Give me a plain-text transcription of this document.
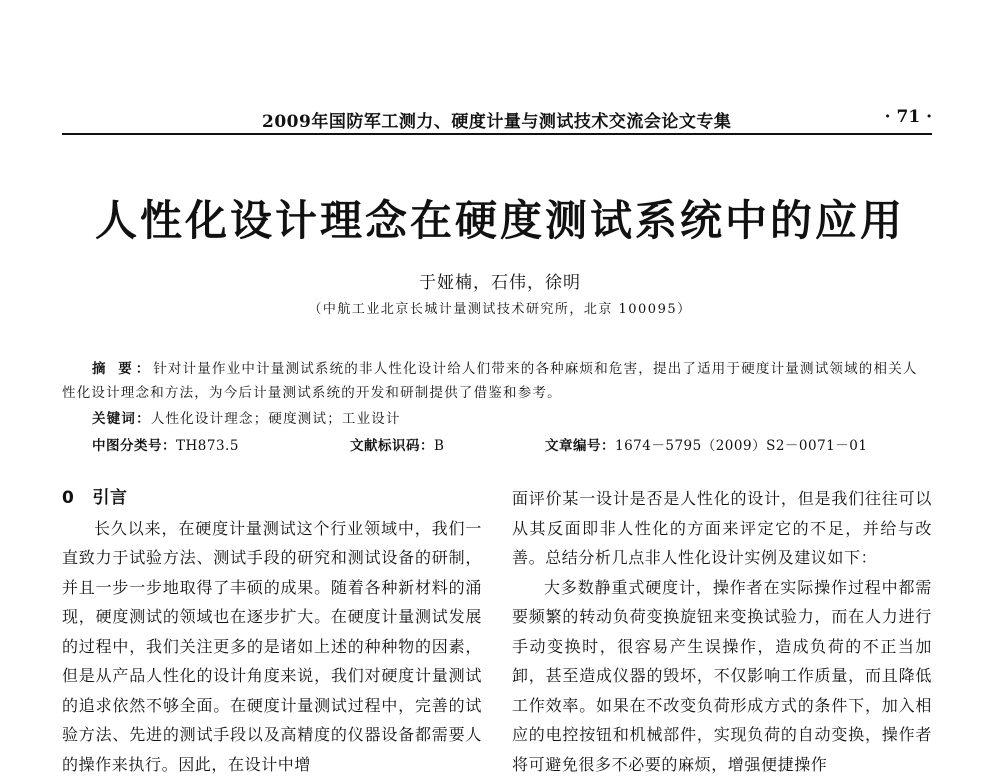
2009年国防军工测力、硬度计量与测试技术交流会论文专集	· 71 ·
人性化设计理念在硬度测试系统中的应用
于娅楠，石伟，徐明
（中航工业北京长城计量测试技术研究所，北京 100095）
摘 要：针对计量作业中计量测试系统的非人性化设计给人们带来的各种麻烦和危害，提出了适用于硬度计量测试领域的相关人性化设计理念和方法，为今后计量测试系统的开发和研制提供了借鉴和参考。
关键词：人性化设计理念；硬度测试；工业设计
中图分类号：TH873.5	文献标识码：B	文章编号：1674－5795（2009）S2－0071－01
0 引言

长久以来，在硬度计量测试这个行业领域中，我们一直致力于试验方法、测试手段的研究和测试设备的研制，并且一步一步地取得了丰硕的成果。随着各种新材料的涌现，硬度测试的领域也在逐步扩大。在硬度计量测试发展的过程中，我们关注更多的是诸如上述的种种物的因素，但是从产品人性化的设计角度来说，我们对硬度计量测试的追求依然不够全面。在硬度计量测试过程中，完善的试验方法、先进的测试手段以及高精度的仪器设备都需要人的操作来执行。因此，在设计中增

面评价某一设计是否是人性化的设计，但是我们往往可以从其反面即非人性化的方面来评定它的不足，并给与改善。总结分析几点非人性化设计实例及建议如下：

大多数静重式硬度计，操作者在实际操作过程中都需要频繁的转动负荷变换旋钮来变换试验力，而在人力进行手动变换时，很容易产生误操作，造成负荷的不正当加卸，甚至造成仪器的毁坏，不仅影响工作质量，而且降低工作效率。如果在不改变负荷形成方式的条件下，加入相应的电控按钮和机械部件，实现负荷的自动变换，操作者将可避免很多不必要的麻烦，增强便捷操作
